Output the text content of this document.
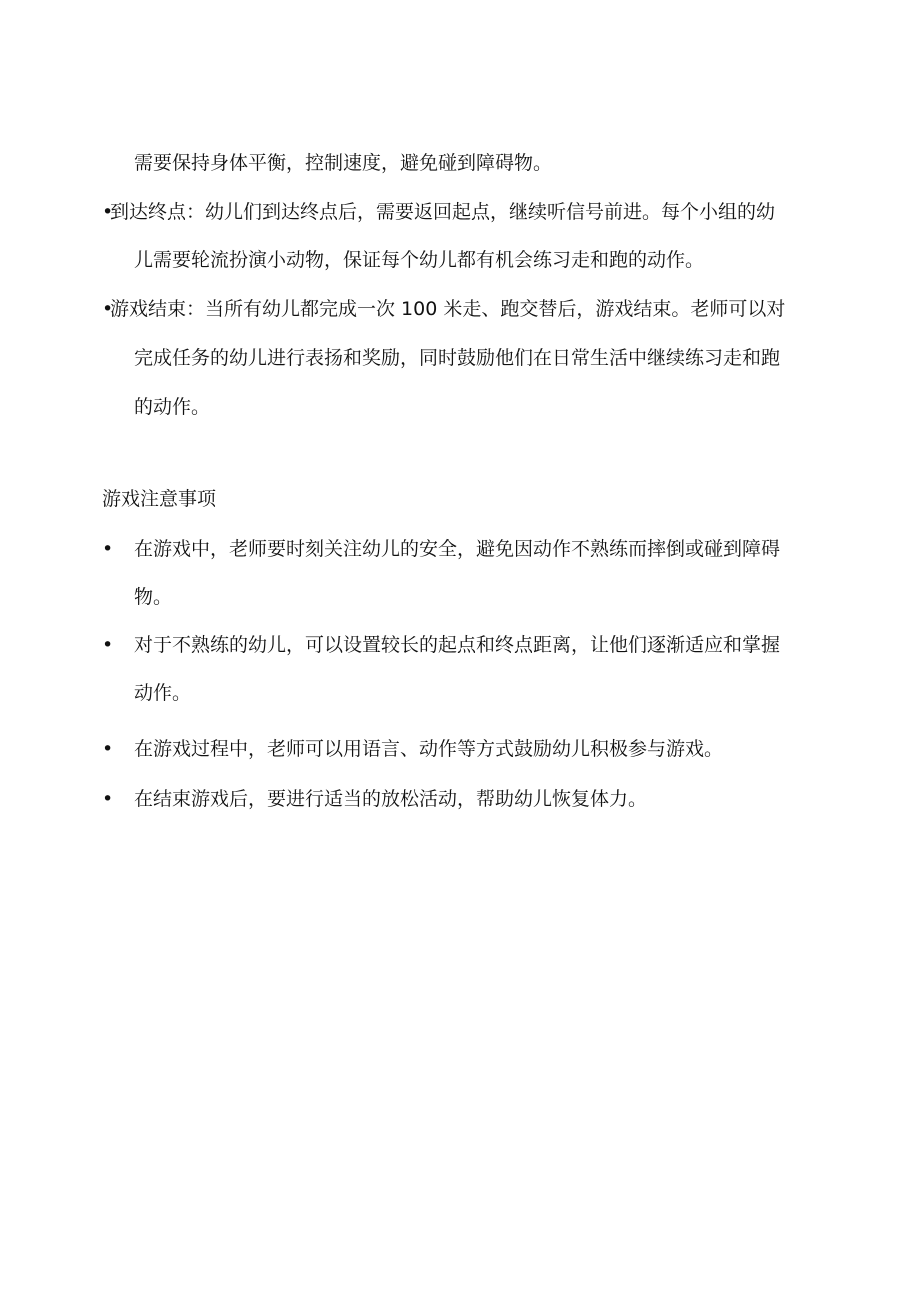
需要保持身体平衡，控制速度，避免碰到障碍物。
•到达终点：幼儿们到达终点后，需要返回起点，继续听信号前进。每个小组的幼
儿需要轮流扮演小动物，保证每个幼儿都有机会练习走和跑的动作。
•游戏结束：当所有幼儿都完成一次 100 米走、跑交替后，游戏结束。老师可以对
完成任务的幼儿进行表扬和奖励，同时鼓励他们在日常生活中继续练习走和跑
的动作。
游戏注意事项
• 在游戏中，老师要时刻关注幼儿的安全，避免因动作不熟练而摔倒或碰到障碍
物。
• 对于不熟练的幼儿，可以设置较长的起点和终点距离，让他们逐渐适应和掌握
动作。
• 在游戏过程中，老师可以用语言、动作等方式鼓励幼儿积极参与游戏。
• 在结束游戏后，要进行适当的放松活动，帮助幼儿恢复体力。
